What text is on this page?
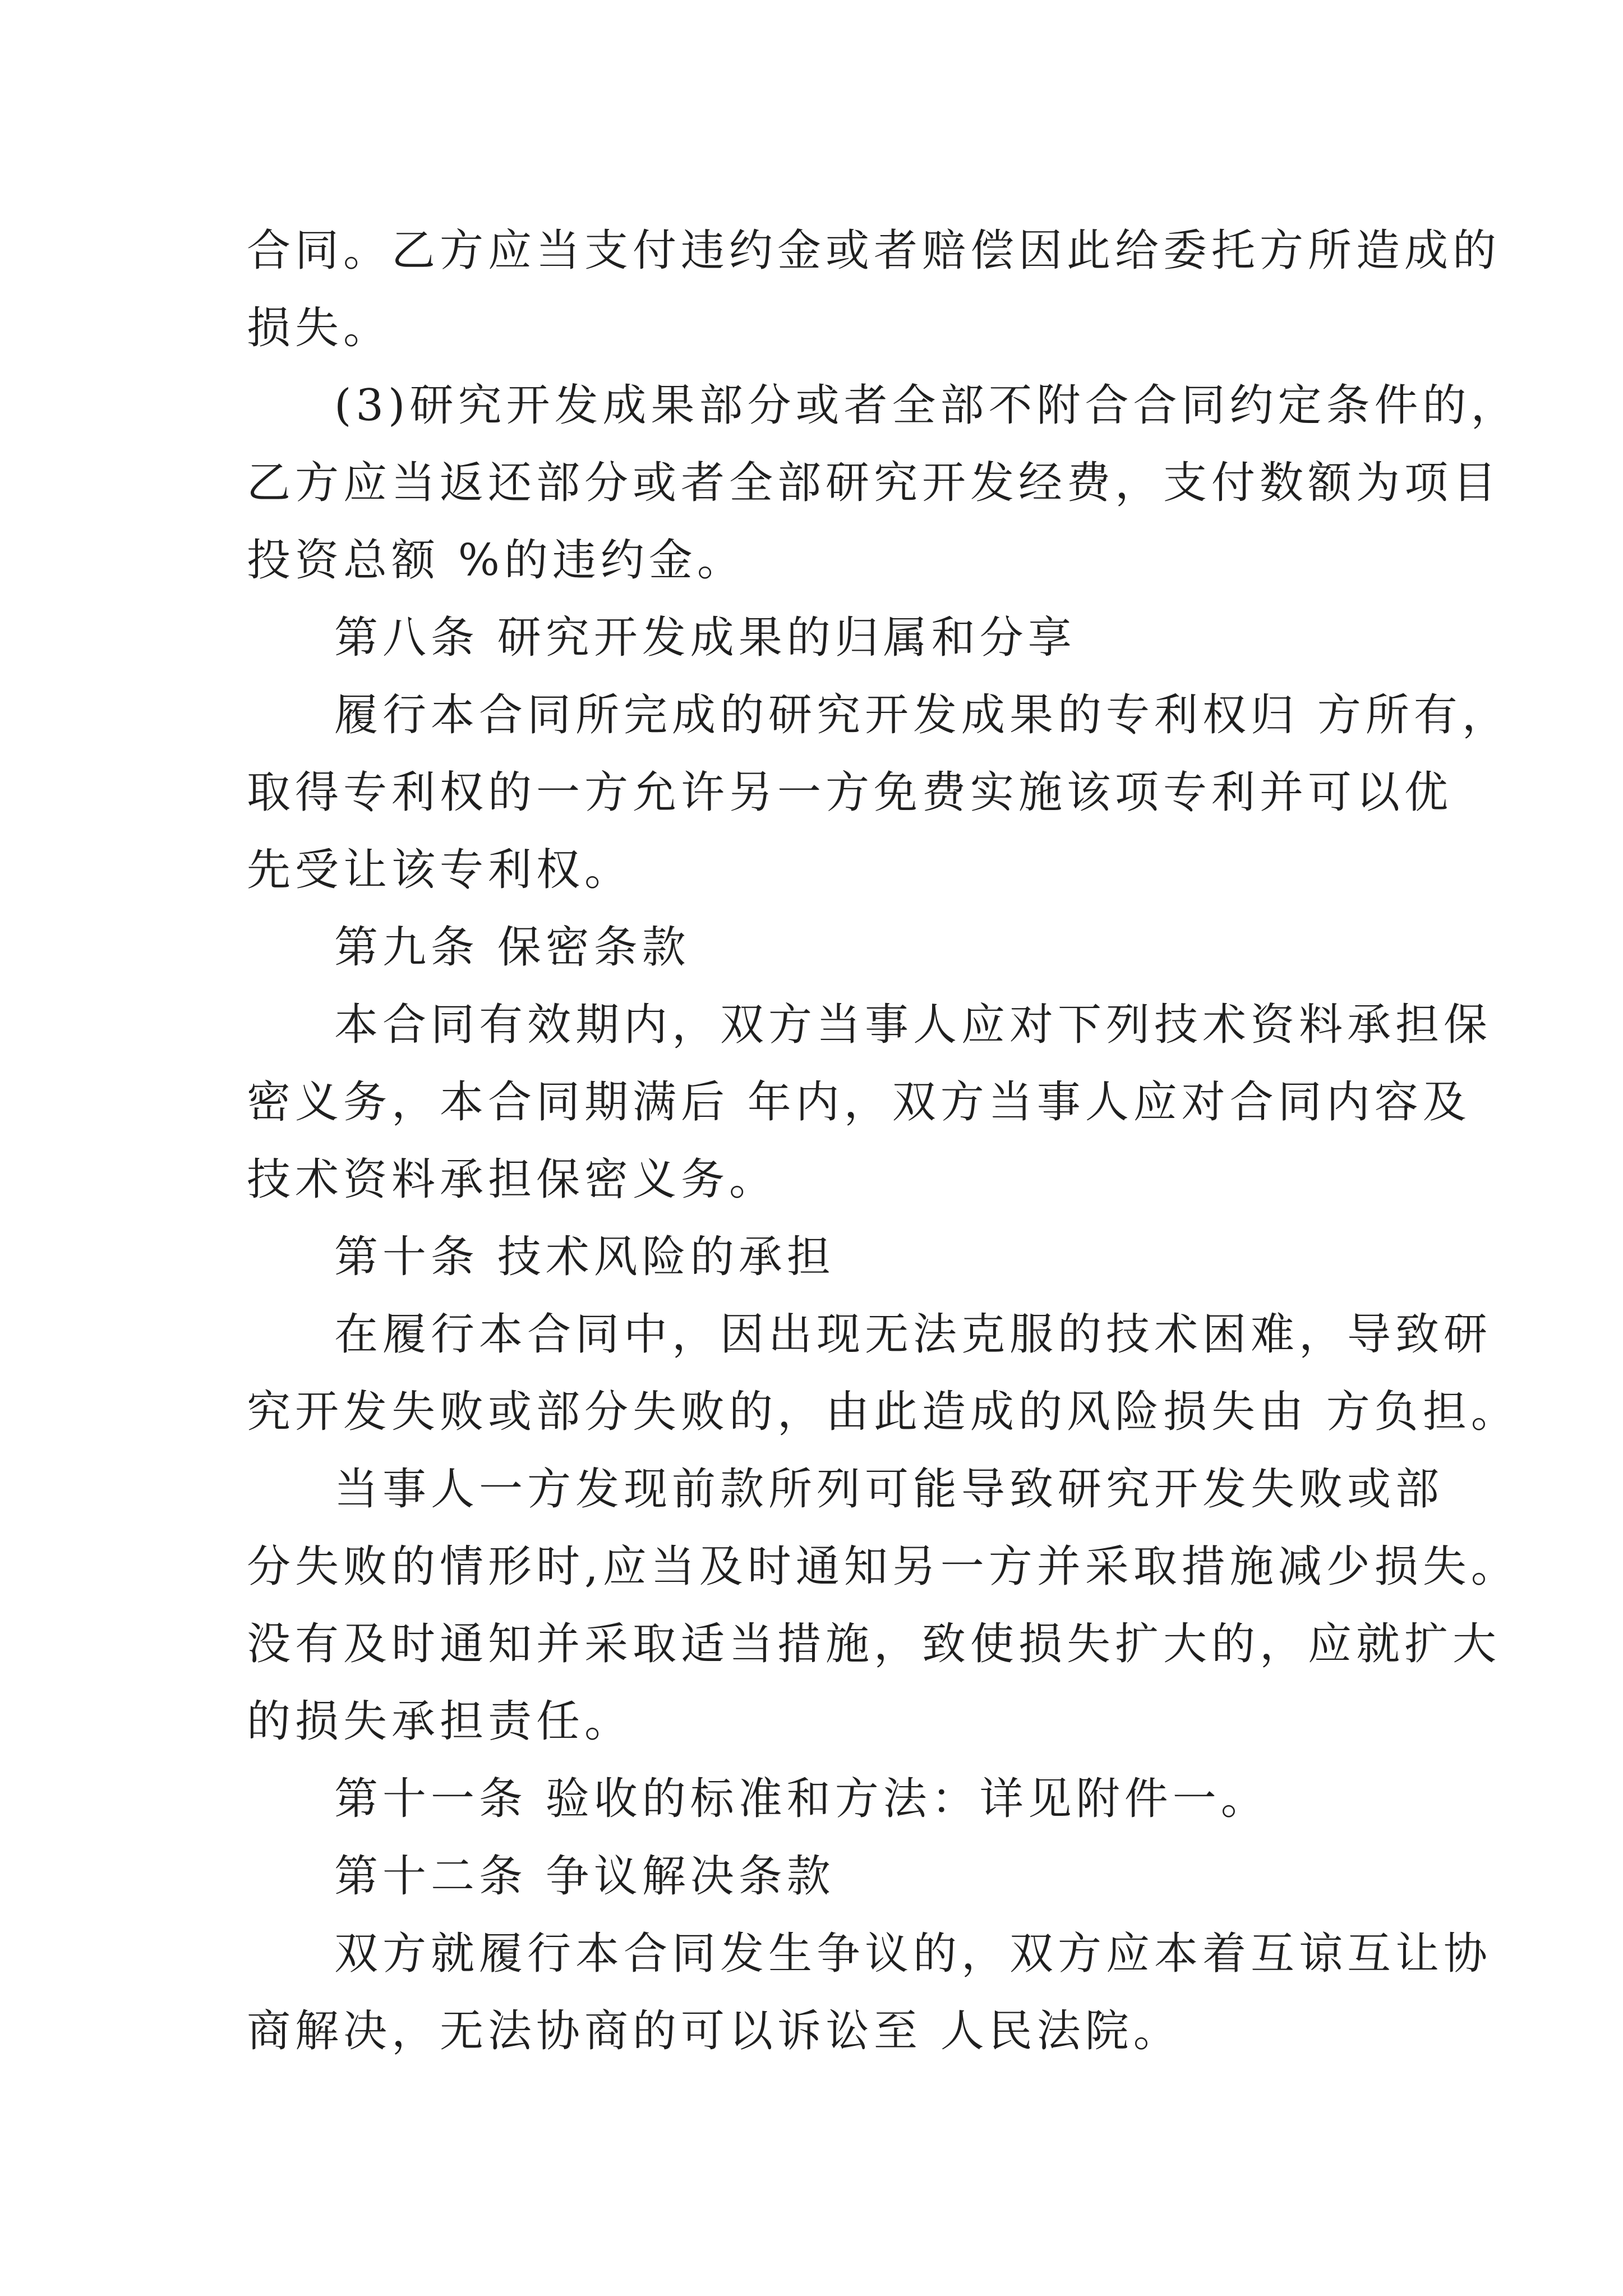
合同。乙方应当支付违约金或者赔偿因此给委托方所造成的
损失。
(3)研究开发成果部分或者全部不附合合同约定条件的，
乙方应当返还部分或者全部研究开发经费，支付数额为项目
投资总额 %的违约金。
第八条 研究开发成果的归属和分享
履行本合同所完成的研究开发成果的专利权归 方所有，
取得专利权的一方允许另一方免费实施该项专利并可以优
先受让该专利权。
第九条 保密条款
本合同有效期内，双方当事人应对下列技术资料承担保
密义务，本合同期满后 年内，双方当事人应对合同内容及
技术资料承担保密义务。
第十条 技术风险的承担
在履行本合同中，因出现无法克服的技术困难，导致研
究开发失败或部分失败的，由此造成的风险损失由 方负担。
当事人一方发现前款所列可能导致研究开发失败或部
分失败的情形时,应当及时通知另一方并采取措施减少损失。
没有及时通知并采取适当措施，致使损失扩大的，应就扩大
的损失承担责任。
第十一条 验收的标准和方法：详见附件一。
第十二条 争议解决条款
双方就履行本合同发生争议的，双方应本着互谅互让协
商解决，无法协商的可以诉讼至 人民法院。
